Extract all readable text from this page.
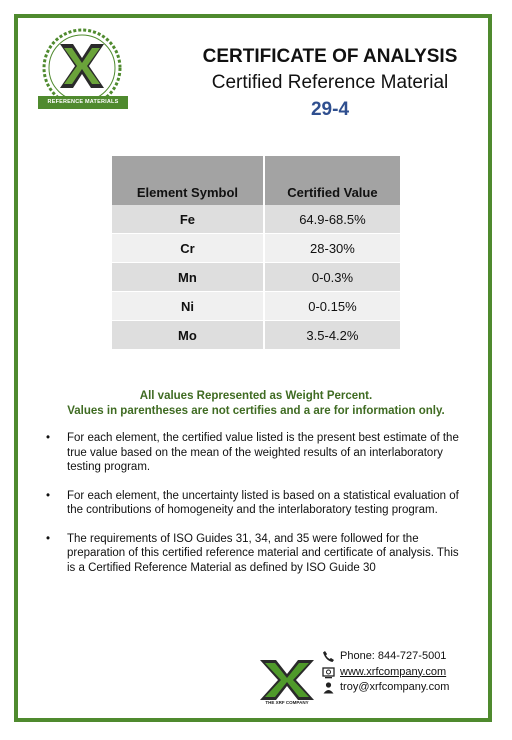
REFERENCE MATERIALS
CERTIFICATE OF ANALYSIS
Certified Reference Material
29-4
Element Symbol	Certified Value
Fe	64.9-68.5%
Cr	28-30%
Mn	0-0.3%
Ni	0-0.15%
Mo	3.5-4.2%
All values Represented as Weight Percent.
Values in parentheses are not certifies and a are for information only.
• For each element, the certified value listed is the present best estimate of the true value based on the mean of the weighted results of an interlaboratory testing program.
• For each element, the uncertainty listed is based on a statistical evaluation of the contributions of homogeneity and the interlaboratory testing program.
• The requirements of ISO Guides 31, 34, and 35 were followed for the preparation of this certified reference material and certificate of analysis. This is a Certified Reference Material as defined by ISO Guide 30
THE XRF COMPANY
Phone: 844-727-5001
www.xrfcompany.com
troy@xrfcompany.com
